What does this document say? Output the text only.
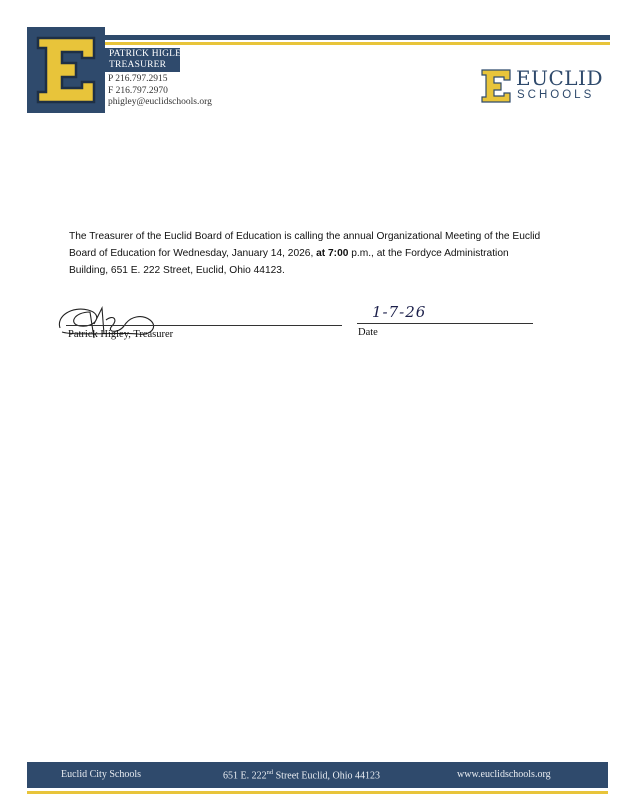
PATRICK HIGLEY
TREASURER
P 216.797.2915
F 216.797.2970
phigley@euclidschools.org
EUCLID
SCHOOLS
The Treasurer of the Euclid Board of Education is calling the annual Organizational Meeting of the Euclid Board of Education for Wednesday, January 14, 2026, at 7:00 p.m., at the Fordyce Administration Building, 651 E. 222 Street, Euclid, Ohio 44123.
Patrick Higley, Treasurer
1-7-26
Date
Euclid City Schools	651 E. 222nd Street Euclid, Ohio 44123	www.euclidschools.org
